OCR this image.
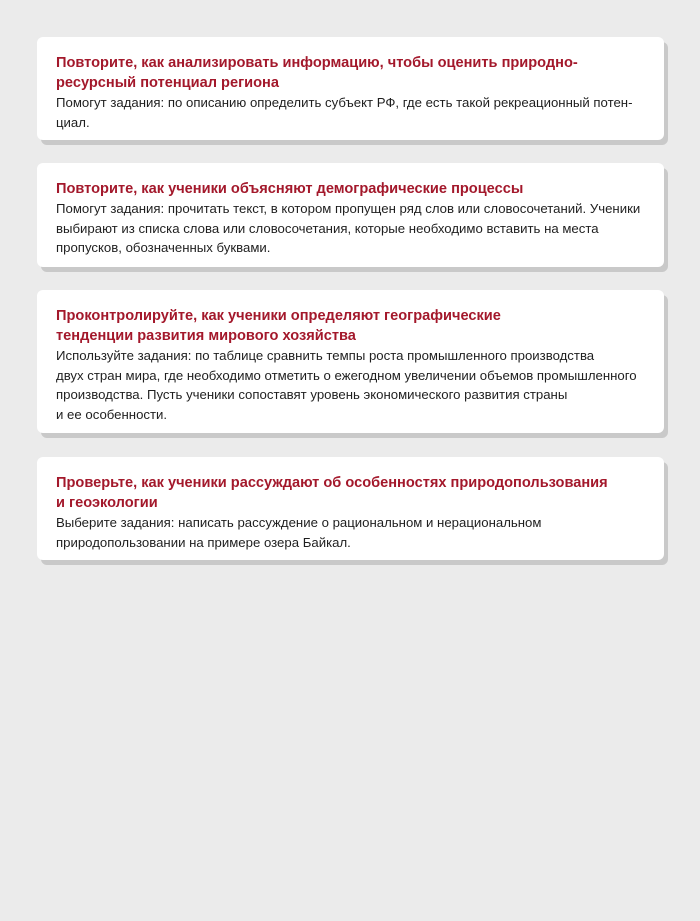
Повторите, как анализировать информацию, чтобы оценить природно-
ресурсный потенциал региона

Помогут задания: по описанию определить субъект РФ, где есть такой рекреационный потен-
циал.

Повторите, как ученики объясняют демографические процессы

Помогут задания: прочитать текст, в котором пропущен ряд слов или словосочетаний. Ученики
выбирают из списка слова или словосочетания, которые необходимо вставить на места
пропусков, обозначенных буквами.

Проконтролируйте, как ученики определяют географические
тенденции развития мирового хозяйства

Используйте задания: по таблице сравнить темпы роста промышленного производства
двух стран мира, где необходимо отметить о ежегодном увеличении объемов промышленного
производства. Пусть ученики сопоставят уровень экономического развития страны
и ее особенности.

Проверьте, как ученики рассуждают об особенностях природопользования
и геоэкологии

Выберите задания: написать рассуждение о рациональном и нерациональном
природопользовании на примере озера Байкал.
